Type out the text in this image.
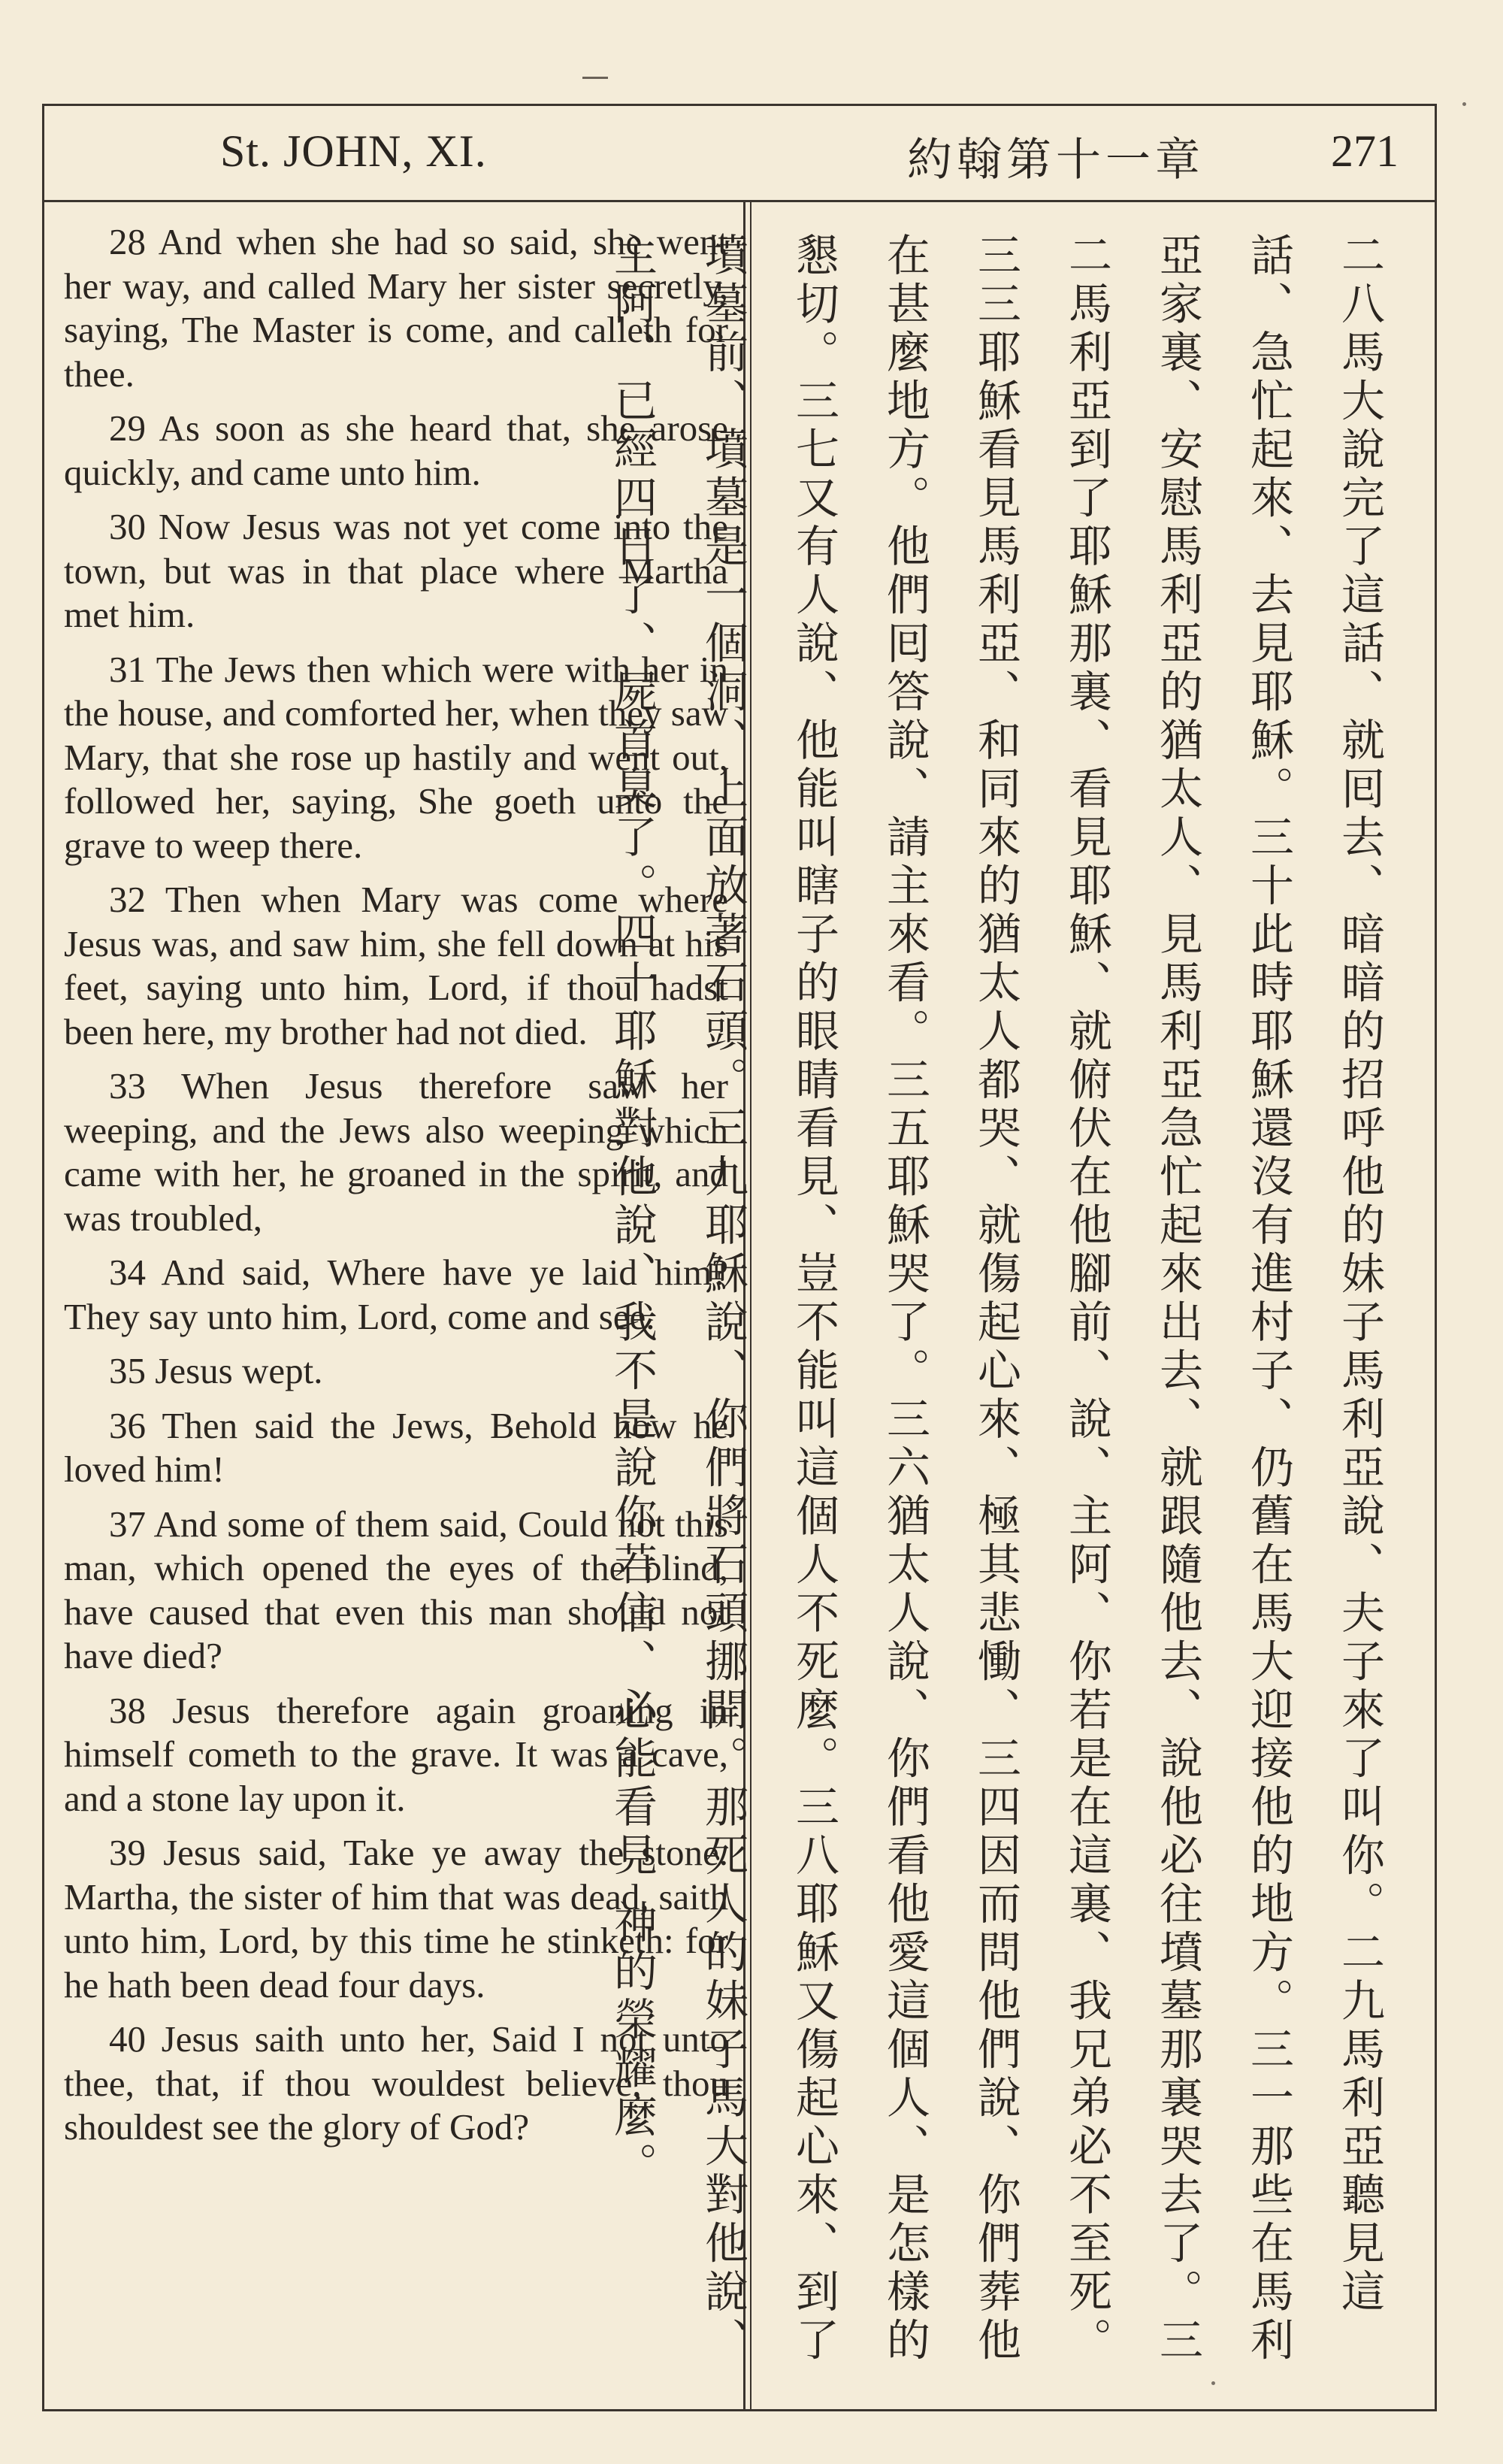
St. JOHN, XI.	約翰第十一章	271

28 And when she had so said, she went her way, and called Mary her sister secretly, saying, The Master is come, and calleth for thee.

29 As soon as she heard that, she arose quickly, and came unto him.

30 Now Jesus was not yet come into the town, but was in that place where Martha met him.

31 The Jews then which were with her in the house, and comforted her, when they saw Mary, that she rose up hastily and went out, followed her, saying, She goeth unto the grave to weep there.

32 Then when Mary was come where Jesus was, and saw him, she fell down at his feet, saying unto him, Lord, if thou hadst been here, my brother had not died.

33 When Jesus therefore saw her weeping, and the Jews also weeping which came with her, he groaned in the spirit, and was troubled,

34 And said, Where have ye laid him? They say unto him, Lord, come and see.

35 Jesus wept.

36 Then said the Jews, Behold how he loved him!

37 And some of them said, Could not this man, which opened the eyes of the blind, have caused that even this man should not have died?

38 Jesus therefore again groaning in himself cometh to the grave. It was a cave, and a stone lay upon it.

39 Jesus said, Take ye away the stone. Martha, the sister of him that was dead, saith unto him, Lord, by this time he stinketh: for he hath been dead four days.

40 Jesus saith unto her, Said I not unto thee, that, if thou wouldest believe, thou shouldest see the glory of God?	二八馬大說完了這話、就囘去、暗暗的招呼他的妹子馬利亞說、夫子來了叫你。二九馬利亞聽見這話、急忙起來、去見耶穌。三十此時耶穌還沒有進村子、仍舊在馬大迎接他的地方。三一那些在馬利亞家裏、安慰馬利亞的猶太人、見馬利亞急忙起來出去、就跟隨他去、說他必往墳墓那裏哭去了。三二馬利亞到了耶穌那裏、看見耶穌、就俯伏在他腳前、說、主阿、你若是在這裏、我兄弟必不至死。三三耶穌看見馬利亞、和同來的猶太人都哭、就傷起心來、極其悲慟、三四因而問他們說、你們葬他在甚麼地方。他們囘答說、請主來看。三五耶穌哭了。三六猶太人說、你們看他愛這個人、是怎樣的懇切。三七又有人說、他能叫瞎子的眼睛看見、豈不能叫這個人不死麼。三八耶穌又傷起心來、到了墳墓前、墳墓是一個洞、上面放著石頭。三九耶穌說、你們將石頭挪開。那死人的妹子馬大對他說、主阿、已經四日了、屍首臭了。四十耶穌對他說、我不是說你若信、必能看見 神的榮耀麼。
